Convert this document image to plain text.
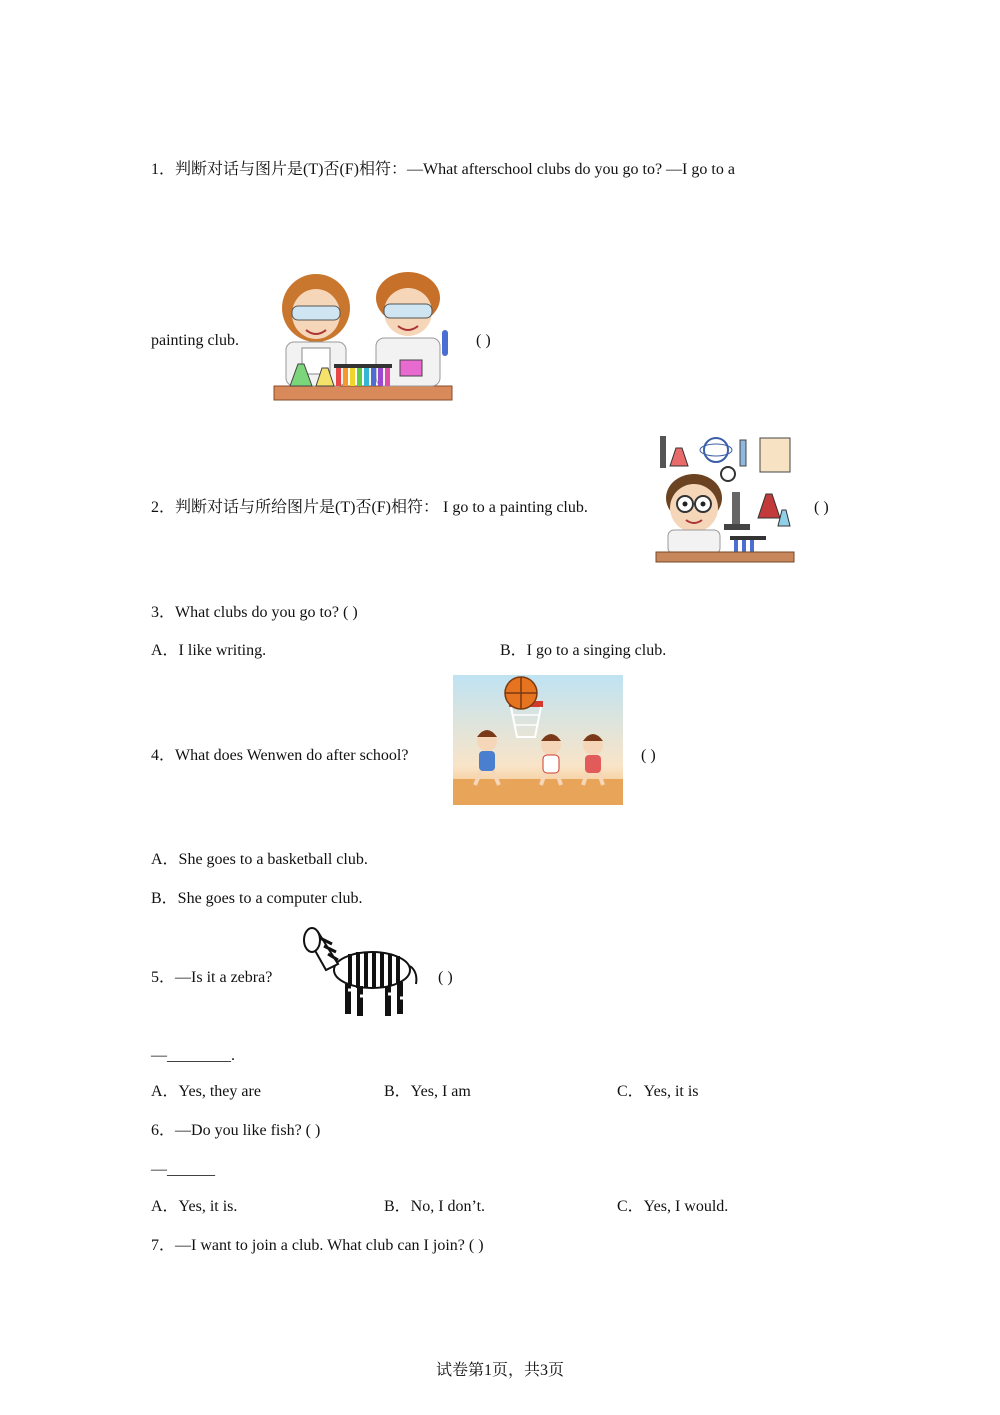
1．判断对话与图片是(T)否(F)相符：—What afterschool clubs do you go to? —I go to a
painting club.	( )
2．判断对话与所给图片是(T)否(F)相符： I go to a painting club.	( )
3．What clubs do you go to? ( )
A．I like writing.	B．I go to a singing club.
4．What does Wenwen do after school?	( )
A．She goes to a basketball club.
B．She goes to a computer club.
5．—Is it a zebra?	( )
—________.
A．Yes, they are	B．Yes, I am	C．Yes, it is
6．—Do you like fish? ( )
—______
A．Yes, it is.	B．No, I don’t.	C．Yes, I would.
7．—I want to join a club. What club can I join? ( )
试卷第1页，共3页
